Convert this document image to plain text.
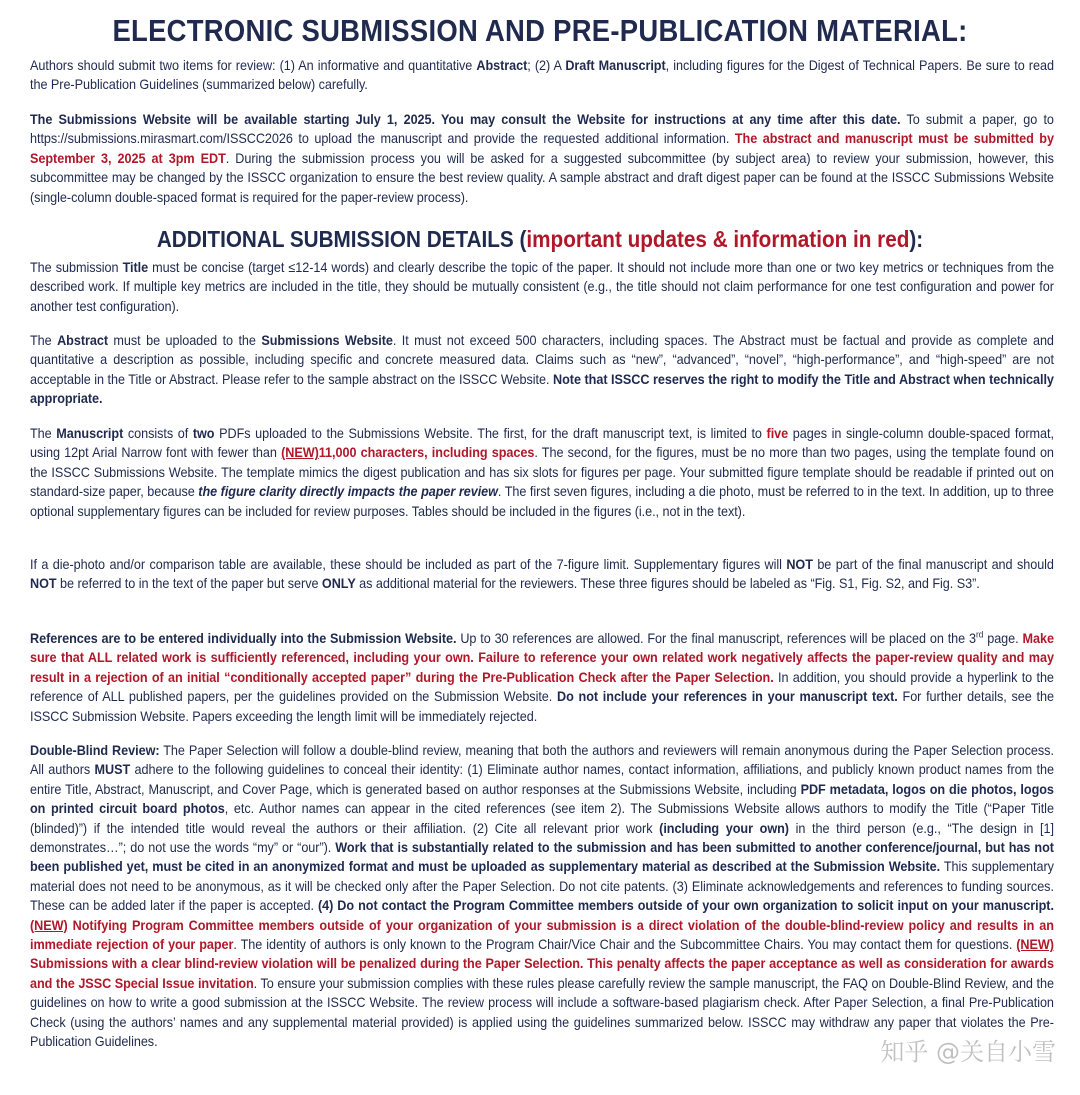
ELECTRONIC SUBMISSION AND PRE-PUBLICATION MATERIAL:

Authors should submit two items for review: (1) An informative and quantitative Abstract; (2) A Draft Manuscript, including figures for the Digest of Technical Papers. Be sure to read the Pre-Publication Guidelines (summarized below) carefully.

The Submissions Website will be available starting July 1, 2025. You may consult the Website for instructions at any time after this date. To submit a paper, go to https://submissions.mirasmart.com/ISSCC2026 to upload the manuscript and provide the requested additional information. The abstract and manuscript must be submitted by September 3, 2025 at 3pm EDT. During the submission process you will be asked for a suggested subcommittee (by subject area) to review your submission, however, this subcommittee may be changed by the ISSCC organization to ensure the best review quality. A sample abstract and draft digest paper can be found at the ISSCC Submissions Website (single-column double-spaced format is required for the paper-review process).

ADDITIONAL SUBMISSION DETAILS (important updates & information in red):

The submission Title must be concise (target ≤12-14 words) and clearly describe the topic of the paper. It should not include more than one or two key metrics or techniques from the described work. If multiple key metrics are included in the title, they should be mutually consistent (e.g., the title should not claim performance for one test configuration and power for another test configuration).

The Abstract must be uploaded to the Submissions Website. It must not exceed 500 characters, including spaces. The Abstract must be factual and provide as complete and quantitative a description as possible, including specific and concrete measured data. Claims such as “new”, “advanced”, “novel”, “high-performance”, and “high-speed” are not acceptable in the Title or Abstract. Please refer to the sample abstract on the ISSCC Website. Note that ISSCC reserves the right to modify the Title and Abstract when technically appropriate.

The Manuscript consists of two PDFs uploaded to the Submissions Website. The first, for the draft manuscript text, is limited to five pages in single-column double-spaced format, using 12pt Arial Narrow font with fewer than (NEW)11,000 characters, including spaces. The second, for the figures, must be no more than two pages, using the template found on the ISSCC Submissions Website. The template mimics the digest publication and has six slots for figures per page. Your submitted figure template should be readable if printed out on standard-size paper, because the figure clarity directly impacts the paper review. The first seven figures, including a die photo, must be referred to in the text. In addition, up to three optional supplementary figures can be included for review purposes. Tables should be included in the figures (i.e., not in the text).

If a die-photo and/or comparison table are available, these should be included as part of the 7-figure limit. Supplementary figures will NOT be part of the final manuscript and should NOT be referred to in the text of the paper but serve ONLY as additional material for the reviewers. These three figures should be labeled as “Fig. S1, Fig. S2, and Fig. S3”.

References are to be entered individually into the Submission Website. Up to 30 references are allowed. For the final manuscript, references will be placed on the 3rd page. Make sure that ALL related work is sufficiently referenced, including your own. Failure to reference your own related work negatively affects the paper-review quality and may result in a rejection of an initial “conditionally accepted paper” during the Pre-Publication Check after the Paper Selection. In addition, you should provide a hyperlink to the reference of ALL published papers, per the guidelines provided on the Submission Website. Do not include your references in your manuscript text. For further details, see the ISSCC Submission Website. Papers exceeding the length limit will be immediately rejected.

Double-Blind Review: The Paper Selection will follow a double-blind review, meaning that both the authors and reviewers will remain anonymous during the Paper Selection process. All authors MUST adhere to the following guidelines to conceal their identity: (1) Eliminate author names, contact information, affiliations, and publicly known product names from the entire Title, Abstract, Manuscript, and Cover Page, which is generated based on author responses at the Submissions Website, including PDF metadata, logos on die photos, logos on printed circuit board photos, etc. Author names can appear in the cited references (see item 2). The Submissions Website allows authors to modify the Title (“Paper Title (blinded)”) if the intended title would reveal the authors or their affiliation. (2) Cite all relevant prior work (including your own) in the third person (e.g., “The design in [1] demonstrates…”; do not use the words “my” or “our”). Work that is substantially related to the submission and has been submitted to another conference/journal, but has not been published yet, must be cited in an anonymized format and must be uploaded as supplementary material as described at the Submission Website. This supplementary material does not need to be anonymous, as it will be checked only after the Paper Selection. Do not cite patents. (3) Eliminate acknowledgements and references to funding sources. These can be added later if the paper is accepted. (4) Do not contact the Program Committee members outside of your own organization to solicit input on your manuscript. (NEW) Notifying Program Committee members outside of your organization of your submission is a direct violation of the double-blind-review policy and results in an immediate rejection of your paper. The identity of authors is only known to the Program Chair/Vice Chair and the Subcommittee Chairs. You may contact them for questions. (NEW) Submissions with a clear blind-review violation will be penalized during the Paper Selection. This penalty affects the paper acceptance as well as consideration for awards and the JSSC Special Issue invitation. To ensure your submission complies with these rules please carefully review the sample manuscript, the FAQ on Double-Blind Review, and the guidelines on how to write a good submission at the ISSCC Website. The review process will include a software-based plagiarism check. After Paper Selection, a final Pre-Publication Check (using the authors’ names and any supplemental material provided) is applied using the guidelines summarized below. ISSCC may withdraw any paper that violates the Pre-Publication Guidelines.	知乎 @关自小雪
